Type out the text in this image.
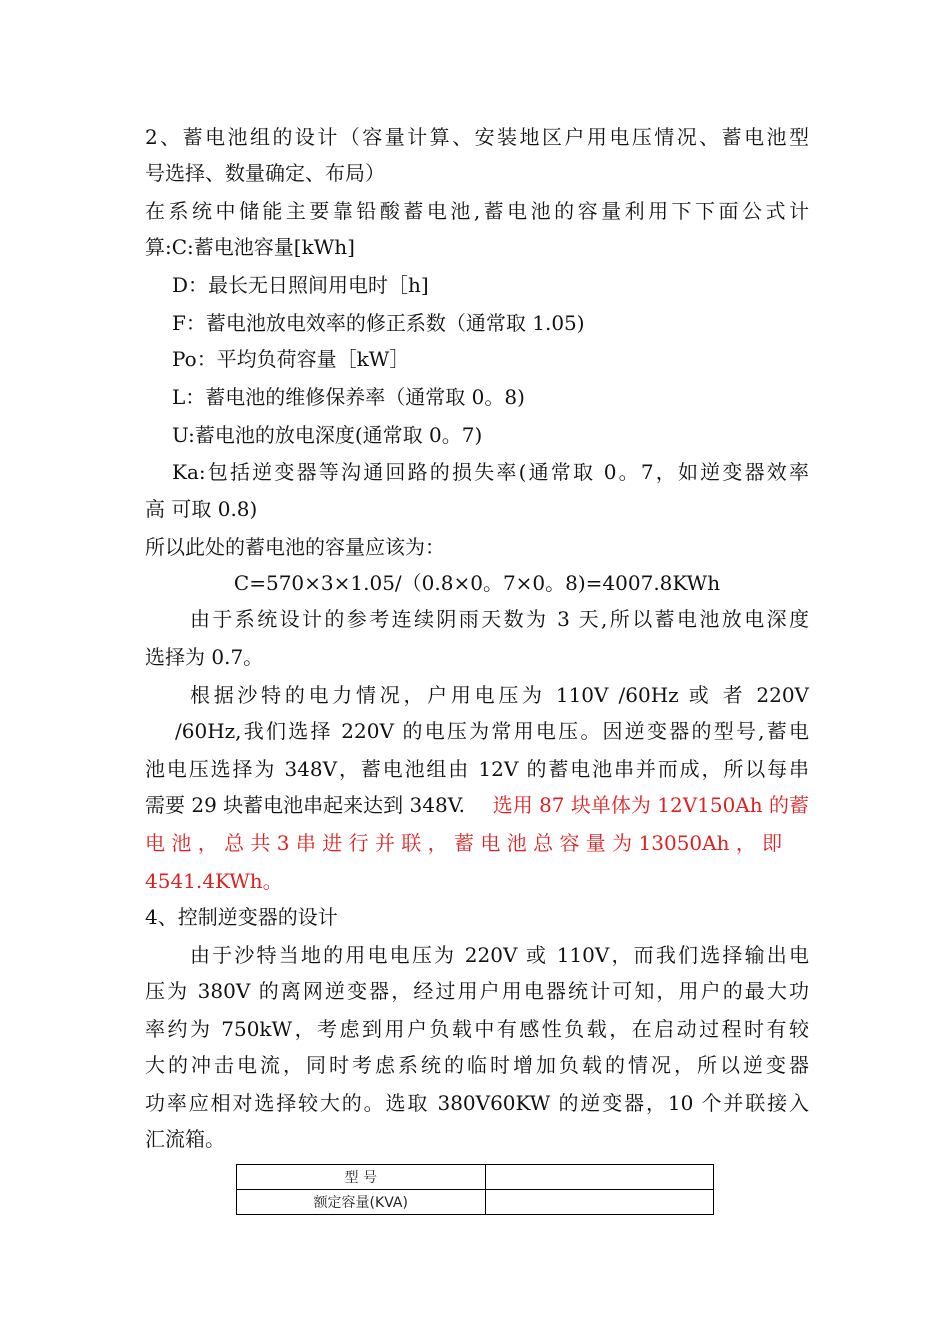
2、蓄电池组的设计（容量计算、安装地区户用电压情况、蓄电池型
号选择、数量确定、布局）
在系统中储能主要靠铅酸蓄电池,蓄电池的容量利用下下面公式计
算:C:蓄电池容量[kWh]
D：最长无日照间用电时［h]
F：蓄电池放电效率的修正系数（通常取 1.05)
Po：平均负荷容量［kW］
L：蓄电池的维修保养率（通常取 0。8)
U:蓄电池的放电深度(通常取 0。7)
Ka:包括逆变器等沟通回路的损失率(通常取 0。7，如逆变器效率
高 可取 0.8)
所以此处的蓄电池的容量应该为：
C=570×3×1.05/（0.8×0。7×0。8)=4007.8KWh
由于系统设计的参考连续阴雨天数为 3 天,所以蓄电池放电深度
选择为 0.7。
根据沙特的电力情况，户用电压为 110V /60Hz 或 者 220V
/60Hz,我们选择 220V 的电压为常用电压。因逆变器的型号,蓄电
池电压选择为 348V，蓄电池组由 12V 的蓄电池串并而成，所以每串
需要 29 块蓄电池串起来达到 348V. 选用 87 块单体为 12V150Ah 的蓄
电 池 ， 总 共 3 串 进 行 并 联 ， 蓄 电 池 总 容 量 为 13050Ah ， 即
4541.4KWh。
4、控制逆变器的设计
由于沙特当地的用电电压为 220V 或 110V，而我们选择输出电
压为 380V 的离网逆变器，经过用户用电器统计可知，用户的最大功
率约为 750kW，考虑到用户负载中有感性负载，在启动过程时有较
大的冲击电流，同时考虑系统的临时增加负载的情况，所以逆变器
功率应相对选择较大的。选取 380V60KW 的逆变器，10 个并联接入
汇流箱。
型 号	
额定容量(KVA)	
